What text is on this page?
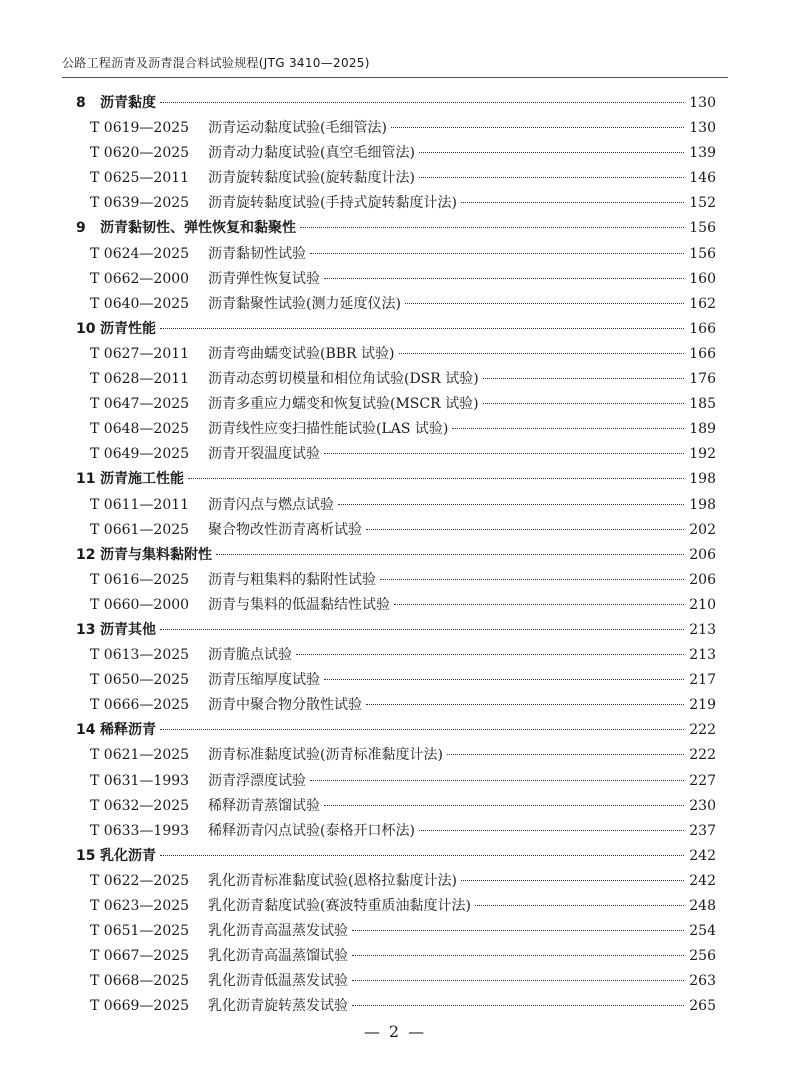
公路工程沥青及沥青混合料试验规程(JTG 3410—2025)
8	沥青黏度	130
T 0619—2025	沥青运动黏度试验(毛细管法)	130
T 0620—2025	沥青动力黏度试验(真空毛细管法)	139
T 0625—2011	沥青旋转黏度试验(旋转黏度计法)	146
T 0639—2025	沥青旋转黏度试验(手持式旋转黏度计法)	152
9	沥青黏韧性、弹性恢复和黏聚性	156
T 0624—2025	沥青黏韧性试验	156
T 0662—2000	沥青弹性恢复试验	160
T 0640—2025	沥青黏聚性试验(测力延度仪法)	162
10 沥青性能	166
T 0627—2011	沥青弯曲蠕变试验(BBR 试验)	166
T 0628—2011	沥青动态剪切模量和相位角试验(DSR 试验)	176
T 0647—2025	沥青多重应力蠕变和恢复试验(MSCR 试验)	185
T 0648—2025	沥青线性应变扫描性能试验(LAS 试验)	189
T 0649—2025	沥青开裂温度试验	192
11 沥青施工性能	198
T 0611—2011	沥青闪点与燃点试验	198
T 0661—2025	聚合物改性沥青离析试验	202
12 沥青与集料黏附性	206
T 0616—2025	沥青与粗集料的黏附性试验	206
T 0660—2000	沥青与集料的低温黏结性试验	210
13 沥青其他	213
T 0613—2025	沥青脆点试验	213
T 0650—2025	沥青压缩厚度试验	217
T 0666—2025	沥青中聚合物分散性试验	219
14 稀释沥青	222
T 0621—2025	沥青标准黏度试验(沥青标准黏度计法)	222
T 0631—1993	沥青浮漂度试验	227
T 0632—2025	稀释沥青蒸馏试验	230
T 0633—1993	稀释沥青闪点试验(泰格开口杯法)	237
15 乳化沥青	242
T 0622—2025	乳化沥青标准黏度试验(恩格拉黏度计法)	242
T 0623—2025	乳化沥青黏度试验(赛波特重质油黏度计法)	248
T 0651—2025	乳化沥青高温蒸发试验	254
T 0667—2025	乳化沥青高温蒸馏试验	256
T 0668—2025	乳化沥青低温蒸发试验	263
T 0669—2025	乳化沥青旋转蒸发试验	265
— 2 —
